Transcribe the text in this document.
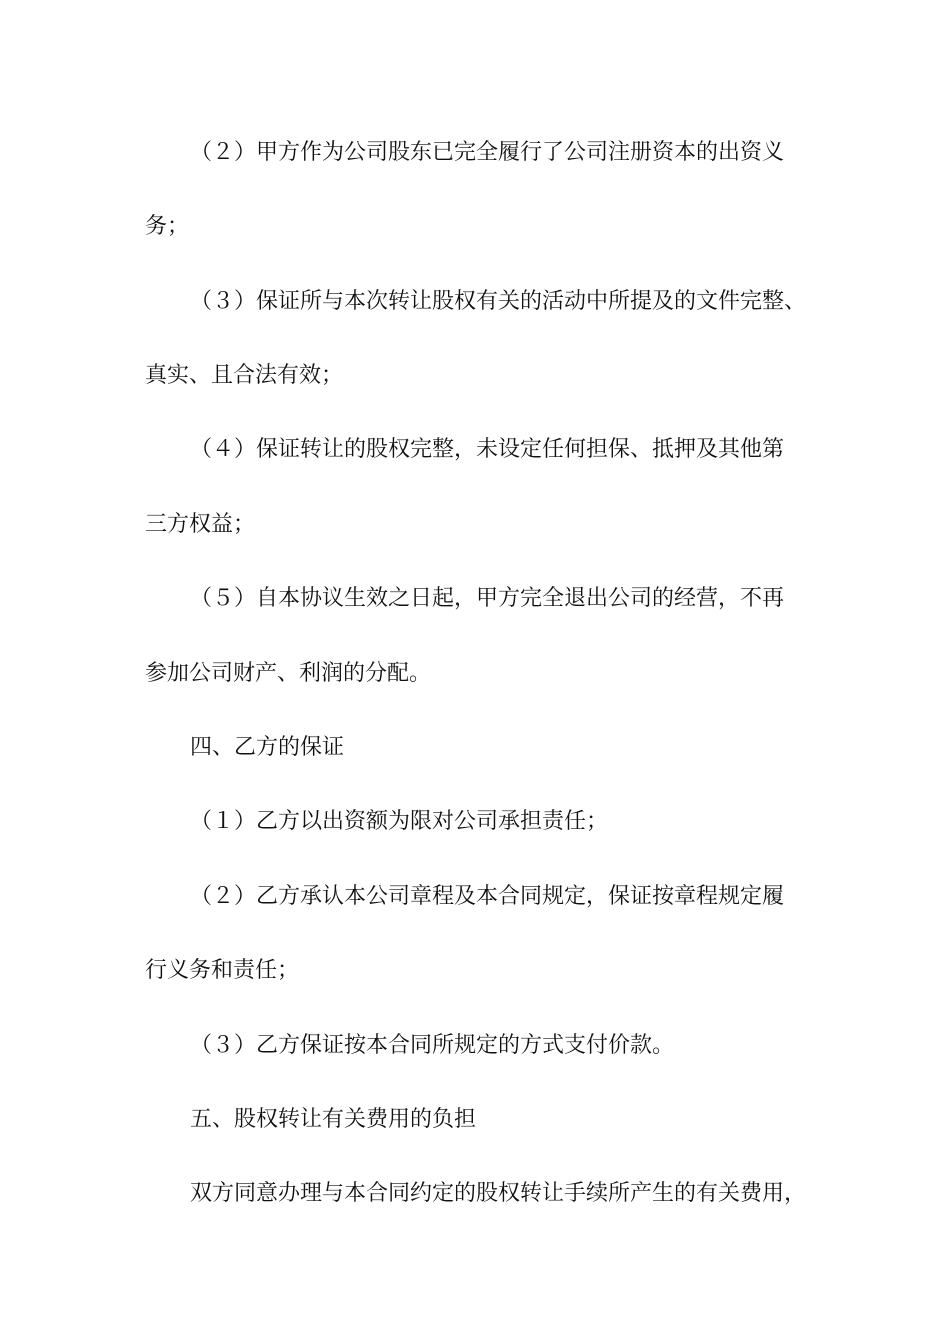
（２）甲方作为公司股东已完全履行了公司注册资本的出资义
务；
（３）保证所与本次转让股权有关的活动中所提及的文件完整、
真实、且合法有效；
（４）保证转让的股权完整，未设定任何担保、抵押及其他第
三方权益；
（５）自本协议生效之日起，甲方完全退出公司的经营，不再
参加公司财产、利润的分配。
四、乙方的保证
（１）乙方以出资额为限对公司承担责任；
（２）乙方承认本公司章程及本合同规定，保证按章程规定履
行义务和责任；
（３）乙方保证按本合同所规定的方式支付价款。
五、股权转让有关费用的负担
双方同意办理与本合同约定的股权转让手续所产生的有关费用，
